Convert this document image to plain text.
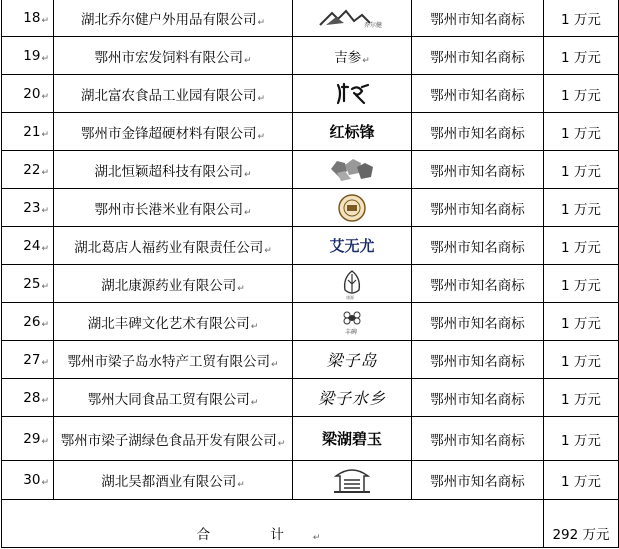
18↵	湖北乔尔健户外用品有限公司↵	乔尔健	鄂州市知名商标	1 万元
19↵	鄂州市宏发饲料有限公司↵	吉参↵	鄂州市知名商标	1 万元
20↵	湖北富农食品工业园有限公司↵		鄂州市知名商标	1 万元
21↵	鄂州市金锋超硬材料有限公司↵	红标锋	鄂州市知名商标	1 万元
22↵	湖北恒颖超科技有限公司↵		鄂州市知名商标	1 万元
23↵	鄂州市长港米业有限公司↵		鄂州市知名商标	1 万元
24↵	湖北葛店人福药业有限责任公司↵	艾无尤	鄂州市知名商标	1 万元
25↵	湖北康源药业有限公司↵	康源	鄂州市知名商标	1 万元
26↵	湖北丰碑文化艺术有限公司↵	丰碑	鄂州市知名商标	1 万元
27↵	鄂州市梁子岛水特产工贸有限公司↵	梁子岛	鄂州市知名商标	1 万元
28↵	鄂州大同食品工贸有限公司↵	梁子水乡	鄂州市知名商标	1 万元
29↵	鄂州市梁子湖绿色食品开发有限公司↵	梁湖碧玉	鄂州市知名商标	1 万元
30↵	湖北吴都酒业有限公司↵		鄂州市知名商标	1 万元
合 计↵				292 万元
